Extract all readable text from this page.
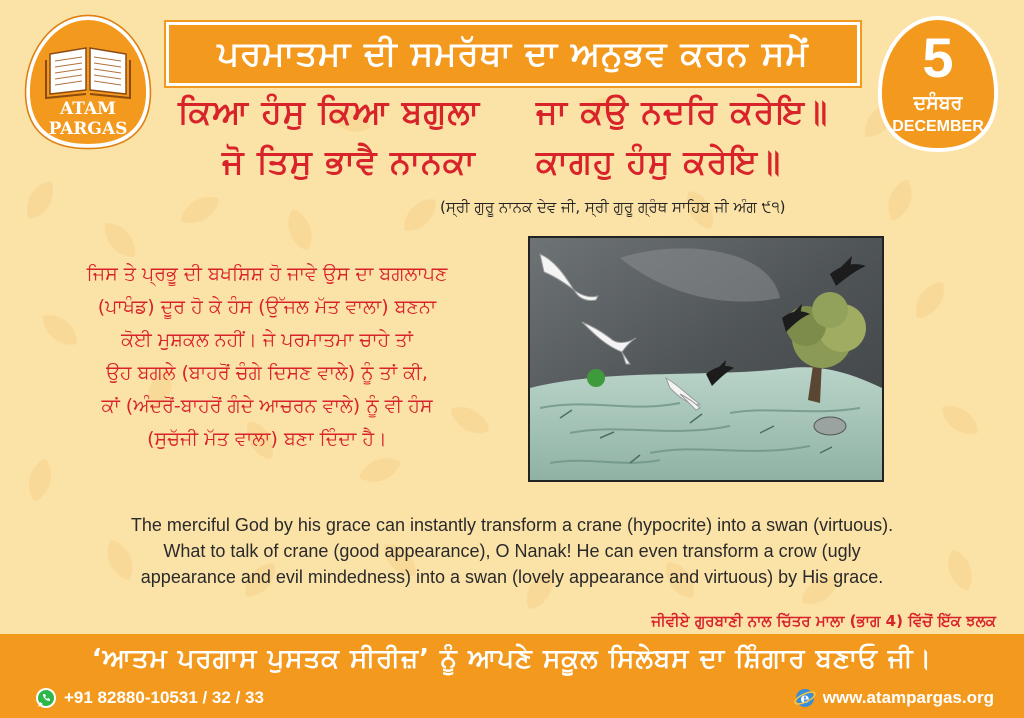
ATAM
PARGAS
ਪਰਮਾਤਮਾ ਦੀ ਸਮਰੱਥਾ ਦਾ ਅਨੁਭਵ ਕਰਨ ਸਮੇਂ	5
ਦਸੰਬਰ
DECEMBER
ਕਿਆ ਹੰਸੁ ਕਿਆ ਬਗੁਲਾ ਜਾ ਕਉ ਨਦਰਿ ਕਰੇਇ॥
ਜੋ ਤਿਸੁ ਭਾਵੈ ਨਾਨਕਾ ਕਾਗਹੁ ਹੰਸੁ ਕਰੇਇ॥
(ਸ੍ਰੀ ਗੁਰੂ ਨਾਨਕ ਦੇਵ ਜੀ, ਸ੍ਰੀ ਗੁਰੂ ਗ੍ਰੰਥ ਸਾਹਿਬ ਜੀ ਅੰਗ ੯੧)
ਜਿਸ ਤੇ ਪ੍ਰਭੂ ਦੀ ਬਖਸ਼ਿਸ਼ ਹੋ ਜਾਵੇ ਉਸ ਦਾ ਬਗਲਾਪਣ
(ਪਾਖੰਡ) ਦੂਰ ਹੋ ਕੇ ਹੰਸ (ਉੱਜਲ ਮੱਤ ਵਾਲਾ) ਬਣਨਾ
ਕੋਈ ਮੁਸ਼ਕਲ ਨਹੀਂ। ਜੇ ਪਰਮਾਤਮਾ ਚਾਹੇ ਤਾਂ
ਉਹ ਬਗਲੇ (ਬਾਹਰੋਂ ਚੰਗੇ ਦਿਸਣ ਵਾਲੇ) ਨੂੰ ਤਾਂ ਕੀ,
ਕਾਂ (ਅੰਦਰੋਂ-ਬਾਹਰੋਂ ਗੰਦੇ ਆਚਰਨ ਵਾਲੇ) ਨੂੰ ਵੀ ਹੰਸ
(ਸੁਚੱਜੀ ਮੱਤ ਵਾਲਾ) ਬਣਾ ਦਿੰਦਾ ਹੈ।
The merciful God by his grace can instantly transform a crane (hypocrite) into a swan (virtuous).
What to talk of crane (good appearance), O Nanak! He can even transform a crow (ugly
appearance and evil mindedness) into a swan (lovely appearance and virtuous) by His grace.
ਜੀਵੀਏ ਗੁਰਬਾਣੀ ਨਾਲ ਚਿੱਤਰ ਮਾਲਾ (ਭਾਗ 4) ਵਿੱਚੋਂ ਇੱਕ ਝਲਕ
‘ਆਤਮ ਪਰਗਾਸ ਪੁਸਤਕ ਸੀਰੀਜ਼’ ਨੂੰ ਆਪਣੇ ਸਕੂਲ ਸਿਲੇਬਸ ਦਾ ਸ਼ਿੰਗਾਰ ਬਣਾਓ ਜੀ।
+91 82880-10531 / 32 / 33	e www.atampargas.org
